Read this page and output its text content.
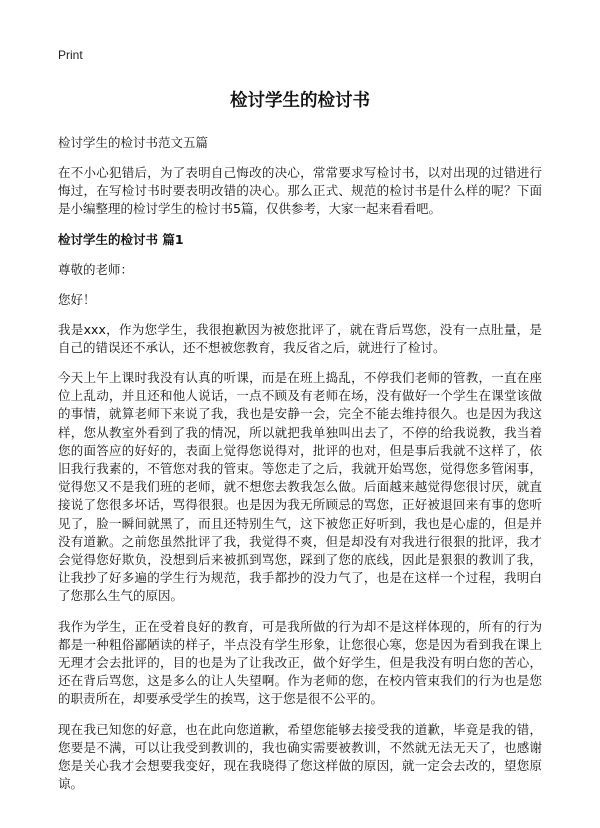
Print
检讨学生的检讨书
检讨学生的检讨书范文五篇
在不小心犯错后，为了表明自己悔改的决心，常常要求写检讨书，以对出现的过错进行悔过，在写检讨书时要表明改错的决心。那么正式、规范的检讨书是什么样的呢？下面是小编整理的检讨学生的检讨书5篇，仅供参考，大家一起来看看吧。
检讨学生的检讨书 篇1
尊敬的老师：
您好！
我是xxx，作为您学生，我很抱歉因为被您批评了，就在背后骂您，没有一点肚量，是自己的错误还不承认，还不想被您教育，我反省之后，就进行了检讨。
今天上午上课时我没有认真的听课，而是在班上捣乱，不停我们老师的管教，一直在座位上乱动，并且还和他人说话，一点不顾及有老师在场，没有做好一个学生在课堂该做的事情，就算老师下来说了我，我也是安静一会，完全不能去维持很久。也是因为我这样，您从教室外看到了我的情况，所以就把我单独叫出去了，不停的给我说教，我当着您的面答应的好好的，表面上觉得您说得对，批评的也对，但是事后我就不这样了，依旧我行我素的，不管您对我的管束。等您走了之后，我就开始骂您，觉得您多管闲事，觉得您又不是我们班的老师，就不想您去教我怎么做。后面越来越觉得您很讨厌，就直接说了您很多坏话，骂得很狠。也是因为我无所顾忌的骂您，正好被退回来有事的您听见了，脸一瞬间就黑了，而且还特别生气，这下被您正好听到，我也是心虚的，但是并没有道歉。之前您虽然批评了我，我觉得不爽，但是却没有对我进行很狠的批评，我才会觉得您好欺负，没想到后来被抓到骂您，踩到了您的底线，因此是狠狠的教训了我，让我抄了好多遍的学生行为规范，我手都抄的没力气了，也是在这样一个过程，我明白了您那么生气的原因。
我作为学生，正在受着良好的教育，可是我所做的行为却不是这样体现的，所有的行为都是一种粗俗鄙陋读的样子，半点没有学生形象，让您很心寒，您是因为看到我在课上无理才会去批评的，目的也是为了让我改正，做个好学生，但是我没有明白您的苦心，还在背后骂您，这是多么的让人失望啊。作为老师的您，在校内管束我们的行为也是您的职责所在，却要承受学生的挨骂，这于您是很不公平的。
现在我已知您的好意，也在此向您道歉，希望您能够去接受我的道歉，毕竟是我的错，您要是不满，可以让我受到教训的，我也确实需要被教训，不然就无法无天了，也感谢您是关心我才会想要我变好，现在我晓得了您这样做的原因，就一定会去改的，望您原谅。
